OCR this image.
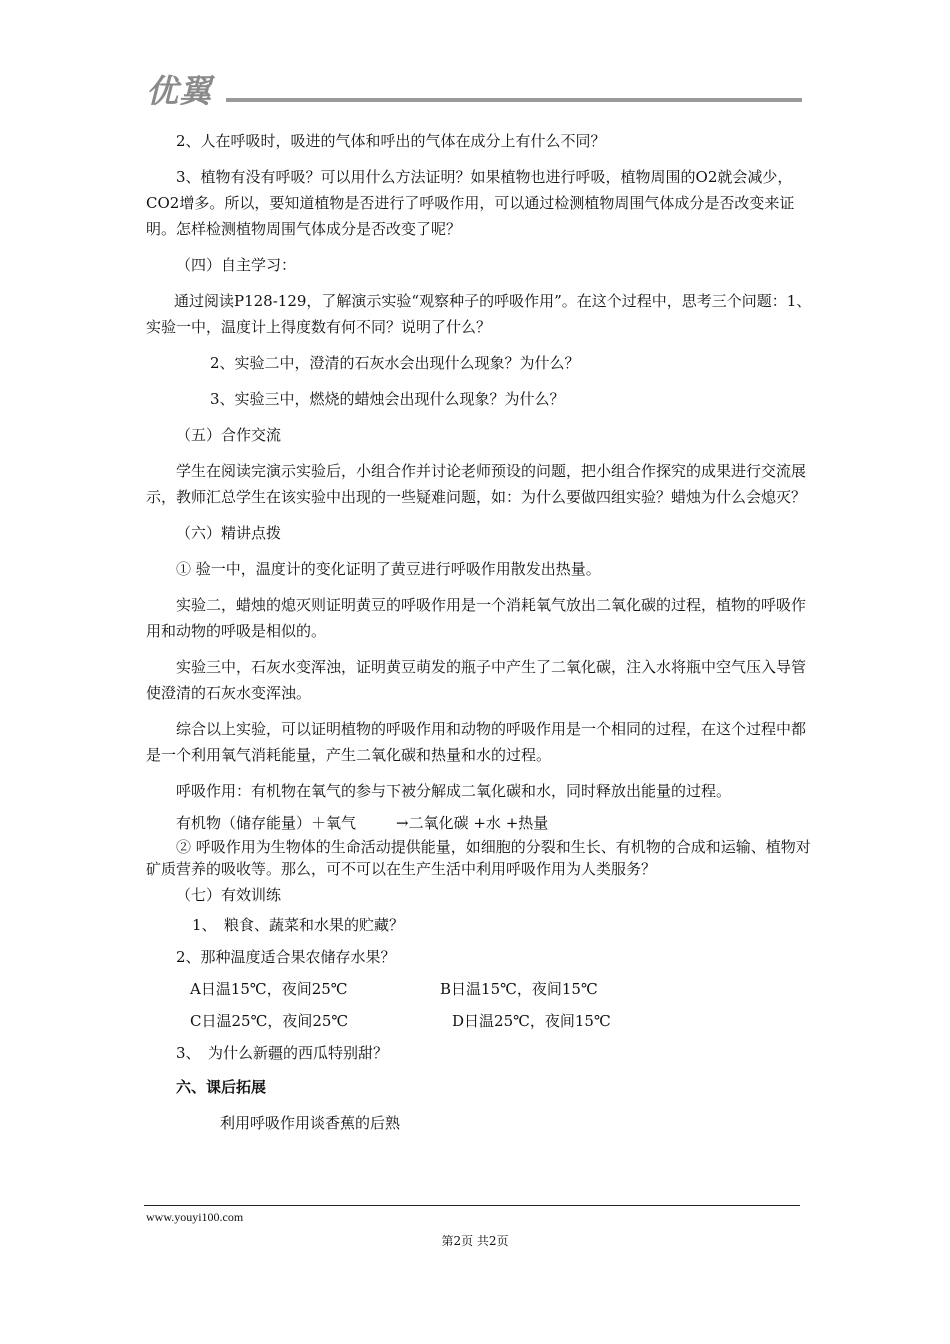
优翼

2、人在呼吸时，吸进的气体和呼出的气体在成分上有什么不同？

3、植物有没有呼吸？可以用什么方法证明？如果植物也进行呼吸，植物周围的O2就会减少，CO2增多。所以，要知道植物是否进行了呼吸作用，可以通过检测植物周围气体成分是否改变来证明。怎样检测植物周围气体成分是否改变了呢？

（四）自主学习：

通过阅读P128-129，了解演示实验“观察种子的呼吸作用”。在这个过程中，思考三个问题：1、实验一中，温度计上得度数有何不同？说明了什么？

2、实验二中，澄清的石灰水会出现什么现象？为什么？

3、实验三中，燃烧的蜡烛会出现什么现象？为什么？

（五）合作交流

学生在阅读完演示实验后，小组合作并讨论老师预设的问题，把小组合作探究的成果进行交流展示，教师汇总学生在该实验中出现的一些疑难问题，如：为什么要做四组实验？蜡烛为什么会熄灭？

（六）精讲点拨

① 验一中，温度计的变化证明了黄豆进行呼吸作用散发出热量。

实验二，蜡烛的熄灭则证明黄豆的呼吸作用是一个消耗氧气放出二氧化碳的过程，植物的呼吸作用和动物的呼吸是相似的。

实验三中，石灰水变浑浊，证明黄豆萌发的瓶子中产生了二氧化碳，注入水将瓶中空气压入导管使澄清的石灰水变浑浊。

综合以上实验，可以证明植物的呼吸作用和动物的呼吸作用是一个相同的过程，在这个过程中都是一个利用氧气消耗能量，产生二氧化碳和热量和水的过程。

呼吸作用：有机物在氧气的参与下被分解成二氧化碳和水，同时释放出能量的过程。

有机物（储存能量）＋氧气	→二氧化碳 +水 +热量

② 呼吸作用为生物体的生命活动提供能量，如细胞的分裂和生长、有机物的合成和运输、植物对矿质营养的吸收等。那么，可不可以在生产生活中利用呼吸作用为人类服务？

（七）有效训练

1、　粮食、蔬菜和水果的贮藏？

2、那种温度适合果农储存水果？

A日温15℃，夜间25℃	B日温15℃，夜间15℃
C日温25℃，夜间25℃	D日温25℃，夜间15℃

3、　为什么新疆的西瓜特别甜？

六、课后拓展

利用呼吸作用谈香蕉的后熟

www.youyi100.com
第2页 共2页
